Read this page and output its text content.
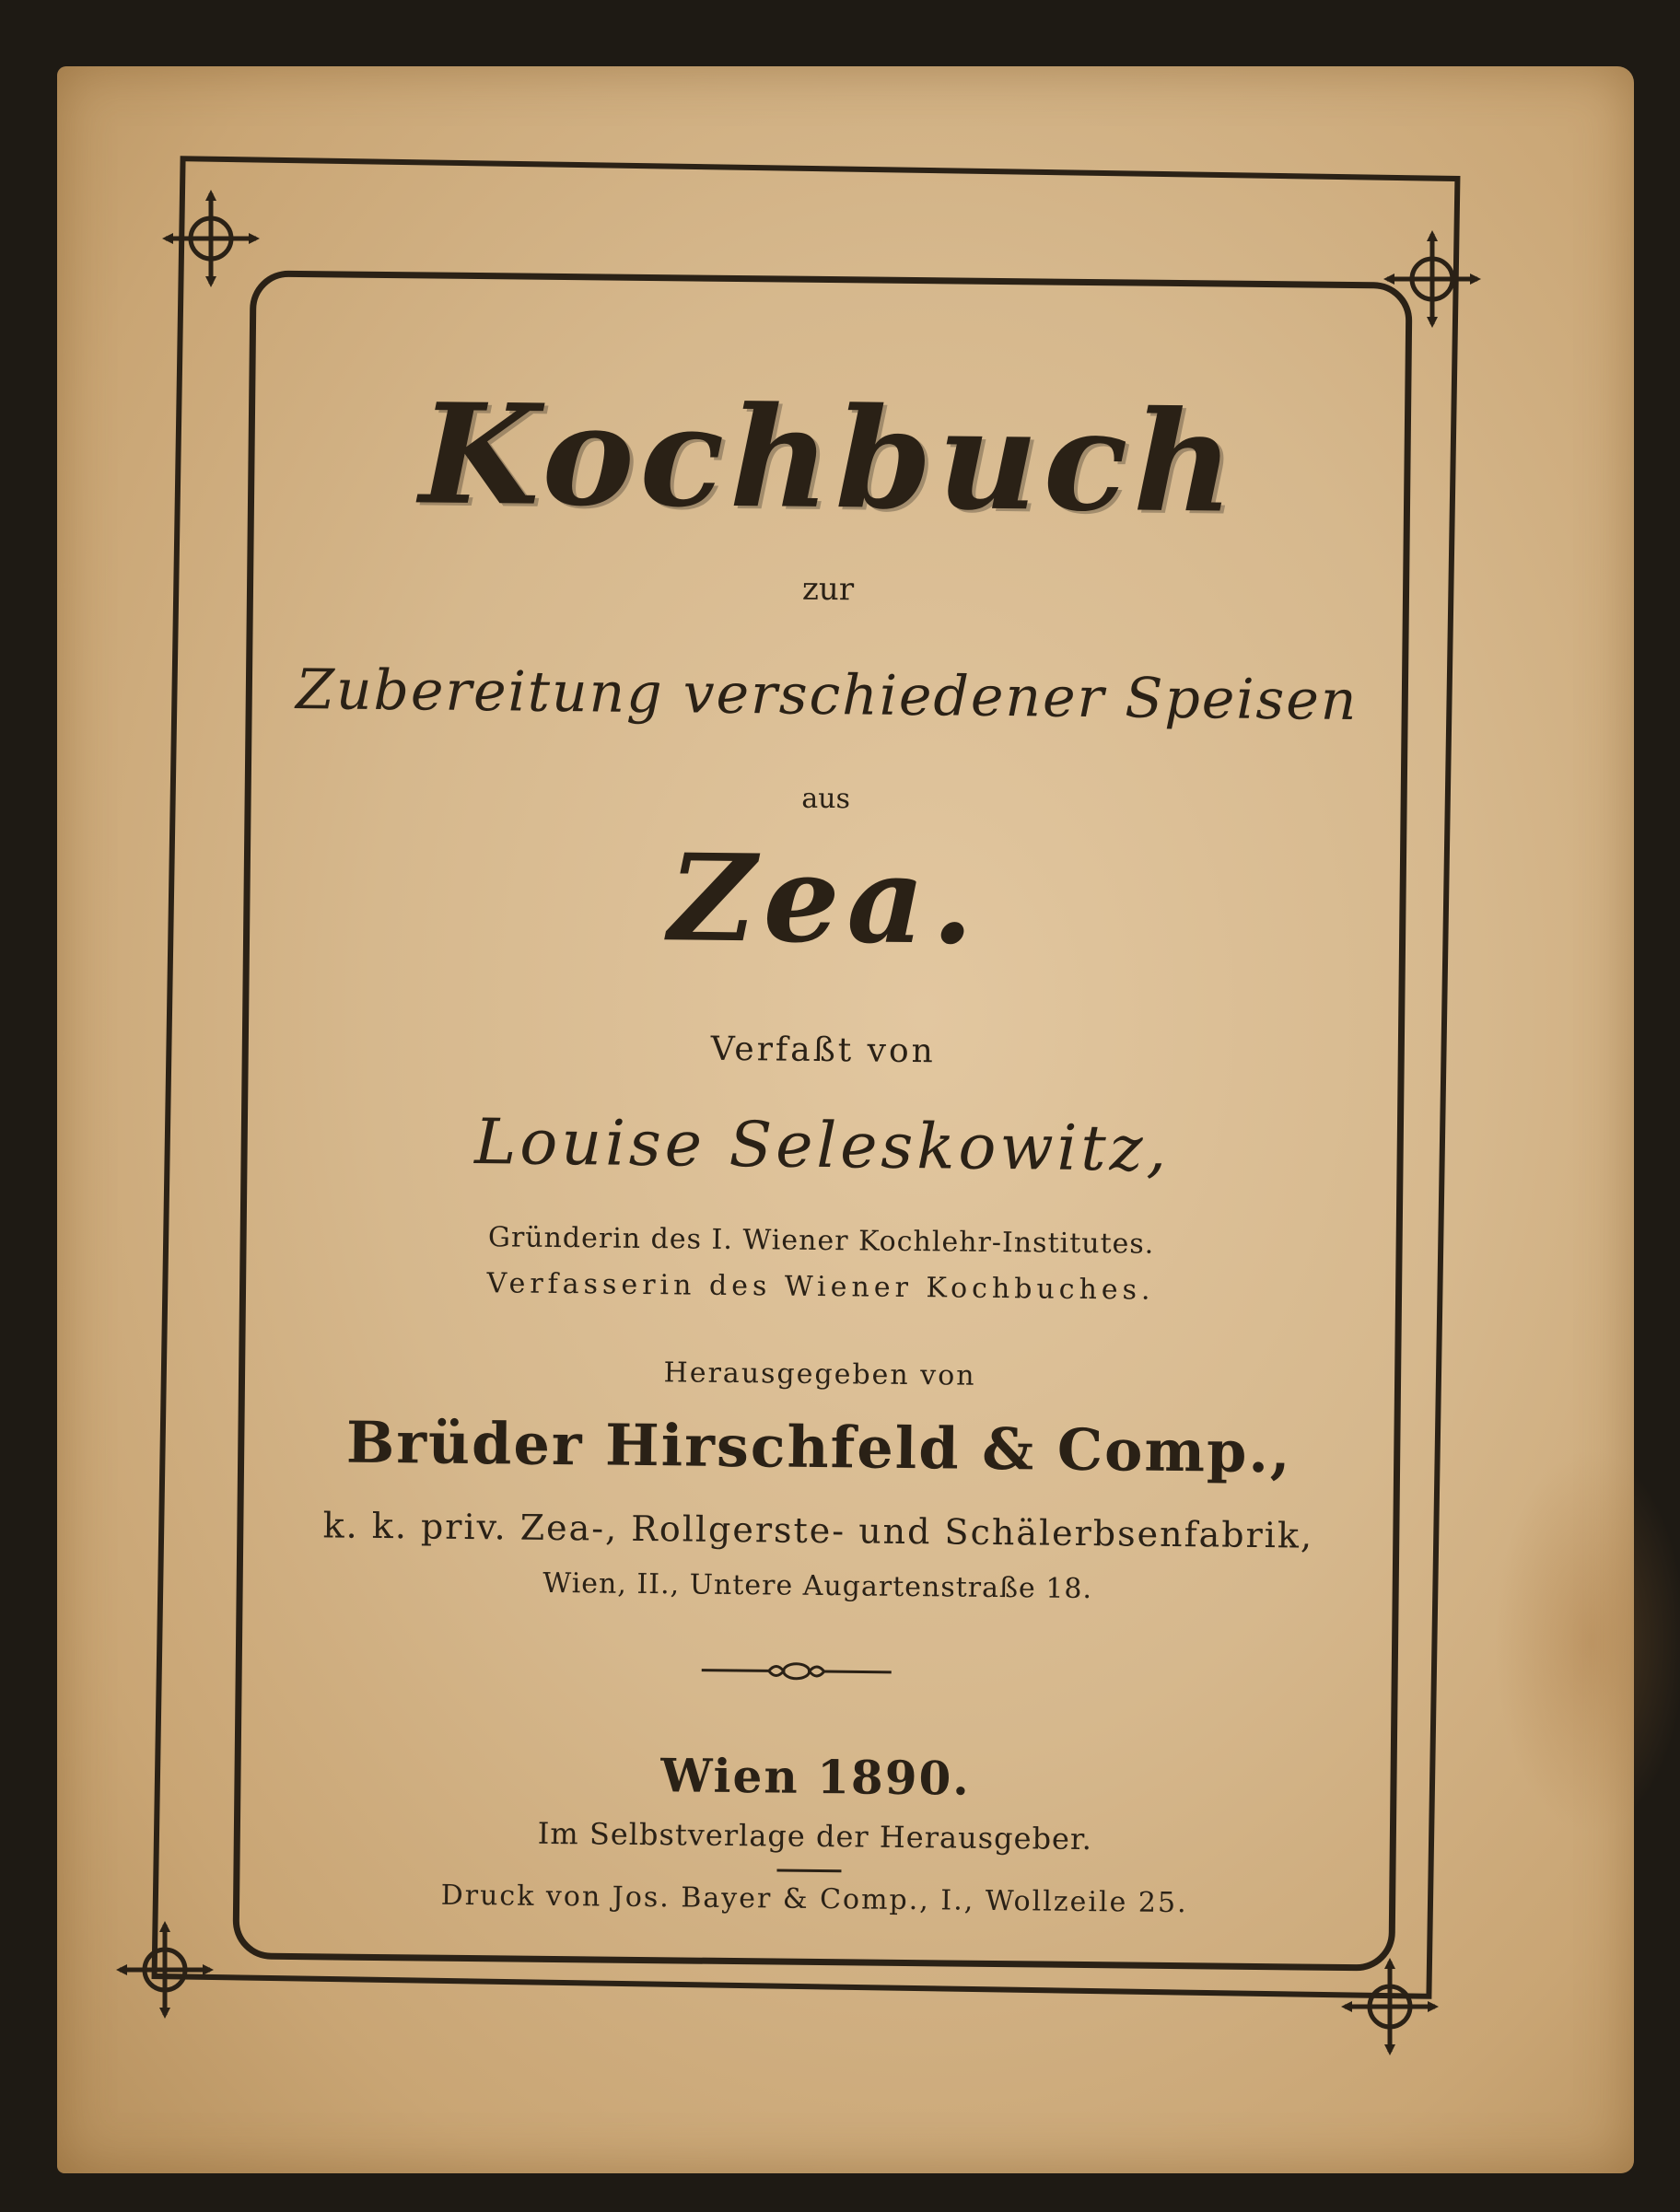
Kochbuch
zur
Zubereitung verschiedener Speisen
aus
Zea.
Verfaßt von
Louise Seleskowitz,
Gründerin des I. Wiener Kochlehr-Institutes.
Verfasserin des Wiener Kochbuches.
Herausgegeben von
Brüder Hirschfeld & Comp.,
k. k. priv. Zea-, Rollgerste- und Schälerbsenfabrik,
Wien, II., Untere Augartenstraße 18.
Wien 1890.
Im Selbstverlage der Herausgeber.
Druck von Jos. Bayer & Comp., I., Wollzeile 25.
